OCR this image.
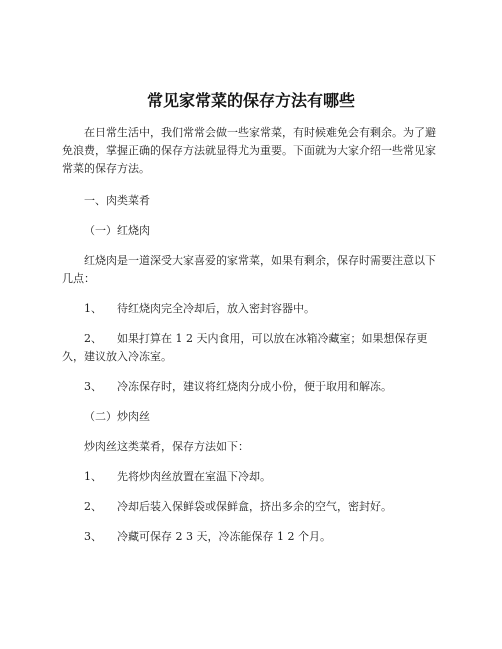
常见家常菜的保存方法有哪些

在日常生活中，我们常常会做一些家常菜，有时候难免会有剩余。为了避免浪费，掌握正确的保存方法就显得尤为重要。下面就为大家介绍一些常见家常菜的保存方法。

一、肉类菜肴

（一）红烧肉

红烧肉是一道深受大家喜爱的家常菜，如果有剩余，保存时需要注意以下几点：

1、 待红烧肉完全冷却后，放入密封容器中。

2、 如果打算在 1 2 天内食用，可以放在冰箱冷藏室；如果想保存更久，建议放入冷冻室。

3、 冷冻保存时，建议将红烧肉分成小份，便于取用和解冻。

（二）炒肉丝

炒肉丝这类菜肴，保存方法如下：

1、 先将炒肉丝放置在室温下冷却。

2、 冷却后装入保鲜袋或保鲜盒，挤出多余的空气，密封好。

3、 冷藏可保存 2 3 天，冷冻能保存 1 2 个月。
